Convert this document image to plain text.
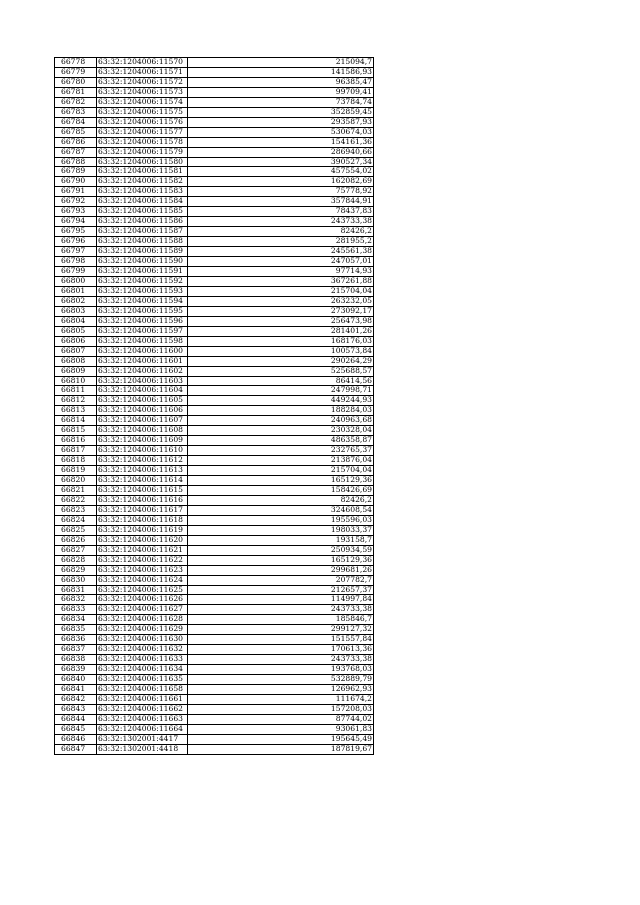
66778	63:32:1204006:11570	215094,7
66779	63:32:1204006:11571	141586,93
66780	63:32:1204006:11572	96385,47
66781	63:32:1204006:11573	99709,41
66782	63:32:1204006:11574	73784,74
66783	63:32:1204006:11575	352859,45
66784	63:32:1204006:11576	293587,93
66785	63:32:1204006:11577	530674,03
66786	63:32:1204006:11578	154161,36
66787	63:32:1204006:11579	286940,66
66788	63:32:1204006:11580	390527,34
66789	63:32:1204006:11581	457554,02
66790	63:32:1204006:11582	162082,69
66791	63:32:1204006:11583	75778,92
66792	63:32:1204006:11584	357844,91
66793	63:32:1204006:11585	78437,83
66794	63:32:1204006:11586	243733,38
66795	63:32:1204006:11587	82426,2
66796	63:32:1204006:11588	281955,2
66797	63:32:1204006:11589	245561,38
66798	63:32:1204006:11590	247057,01
66799	63:32:1204006:11591	97714,93
66800	63:32:1204006:11592	367261,88
66801	63:32:1204006:11593	215704,04
66802	63:32:1204006:11594	263232,05
66803	63:32:1204006:11595	273092,17
66804	63:32:1204006:11596	256473,98
66805	63:32:1204006:11597	281401,26
66806	63:32:1204006:11598	168176,03
66807	63:32:1204006:11600	100573,84
66808	63:32:1204006:11601	290264,29
66809	63:32:1204006:11602	525688,57
66810	63:32:1204006:11603	86414,56
66811	63:32:1204006:11604	247998,71
66812	63:32:1204006:11605	449244,93
66813	63:32:1204006:11606	188284,03
66814	63:32:1204006:11607	240963,68
66815	63:32:1204006:11608	230328,04
66816	63:32:1204006:11609	486358,87
66817	63:32:1204006:11610	232765,37
66818	63:32:1204006:11612	213876,04
66819	63:32:1204006:11613	215704,04
66820	63:32:1204006:11614	165129,36
66821	63:32:1204006:11615	158426,69
66822	63:32:1204006:11616	82426,2
66823	63:32:1204006:11617	324608,54
66824	63:32:1204006:11618	195596,03
66825	63:32:1204006:11619	198033,37
66826	63:32:1204006:11620	193158,7
66827	63:32:1204006:11621	250934,59
66828	63:32:1204006:11622	165129,36
66829	63:32:1204006:11623	299681,26
66830	63:32:1204006:11624	207782,7
66831	63:32:1204006:11625	212657,37
66832	63:32:1204006:11626	114997,84
66833	63:32:1204006:11627	243733,38
66834	63:32:1204006:11628	185846,7
66835	63:32:1204006:11629	299127,32
66836	63:32:1204006:11630	151557,84
66837	63:32:1204006:11632	170613,36
66838	63:32:1204006:11633	243733,38
66839	63:32:1204006:11634	193768,03
66840	63:32:1204006:11635	532889,79
66841	63:32:1204006:11658	126962,93
66842	63:32:1204006:11661	111674,2
66843	63:32:1204006:11662	157208,03
66844	63:32:1204006:11663	87744,02
66845	63:32:1204006:11664	93061,83
66846	63:32:1302001:4417	195645,49
66847	63:32:1302001:4418	187819,67
